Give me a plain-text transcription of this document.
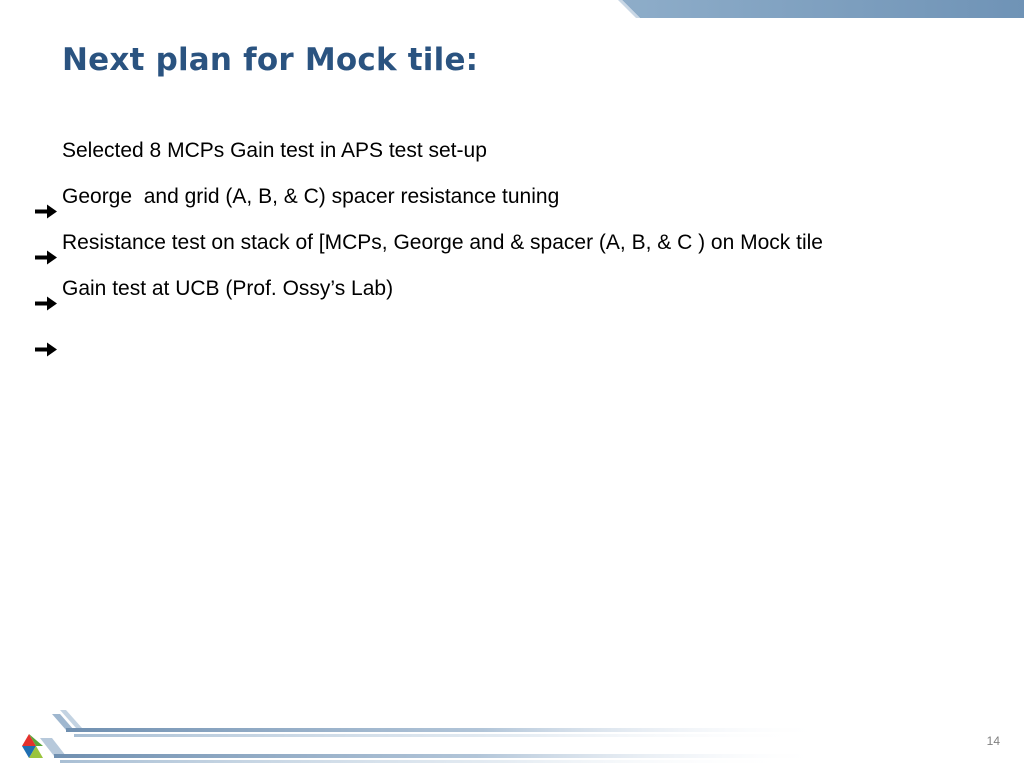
Next plan for Mock tile:

Selected 8 MCPs Gain test in APS test set-up

George  and grid (A, B, & C) spacer resistance tuning

Resistance test on stack of [MCPs, George and & spacer (A, B, & C ) on Mock tile

Gain test at UCB (Prof. Ossy’s Lab)
14
